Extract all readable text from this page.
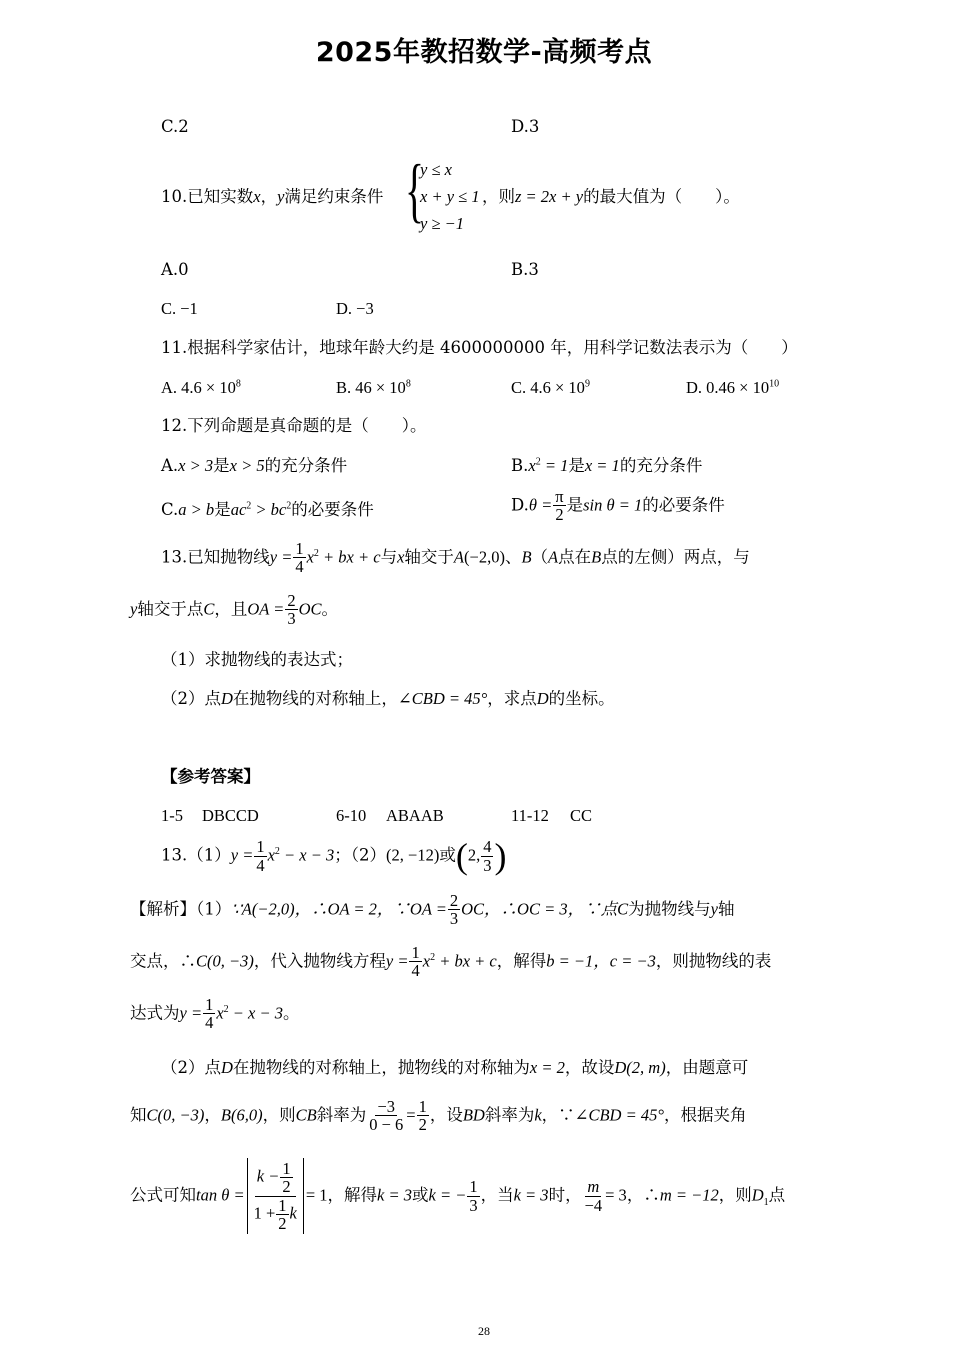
2025年教招数学-高频考点
C.2	D.3
10.已知实数x，y满足约束条件 {
y ≤ x
x + y ≤ 1
y ≥ −1
，则z = 2x + y的最大值为（　　）。
A.0	B.3
C. −1	D. −3
11.根据科学家估计，地球年龄大约是 4600000000 年，用科学记数法表示为（　　）
A. $4.6 \times 10^8$	B. $46 \times 10^8$	C. $4.6 \times 10^9$	D. $0.46 \times 10^{10}$
12.下列命题是真命题的是（　　）。
A.x > 3是x > 5的充分条件	$B.x^2 = 1$是x = 1的充分条件
C.a > b是$ac^2 > bc^2$的必要条件	$D.\theta = \frac{\pi}{2}$ 是sin θ = 1的必要条件
13.已知抛物线$y = \frac{1}{4} x^2$ + bx + c与x轴交于A(−2,0)、B（A点在B点的左侧）两点，与
y轴交于点C，且OA = $\frac{2}{3}$ OC。
（1）求抛物线的表达式；
（2）点D在抛物线的对称轴上，∠CBD = 45°，求点D的坐标。
【参考答案】
1-5 DBCCD	6-10 ABAAB	11-12 CC
$13.(1)y = \frac{1}{4} x^2 - x - 3$；（2）(2, −12)或(2, $\frac{4}{3}$ )
【解析】（1）∵A(−2,0)，∴OA = 2，∵OA = $\frac{2}{3}$ OC，∴OC = 3，∵点C为抛物线与y轴
交点，∴C(0, −3)，代入抛物线方程$y = \frac{1}{4} x^2$ + bx + c，解得b = −1，c = −3，则抛物线的表
达式为$y = \frac{1}{4} x^2 - x - 3$。
（2）点D在抛物线的对称轴上，抛物线的对称轴为x = 2，故设D(2, m)，由题意可
知C(0, −3)，B(6,0)，则CB斜率为 $\frac{-3}{0 - 6} = \frac{1}{2}$ ，设BD斜率为k，∵∠CBD = 45°，根据夹角
公式可知$\tan \theta = \frac{k - \frac{1}{2}}{1 + \frac{1}{2} k} = 1$，解得k = 3或k = − $\frac{1}{3}$ ，当k = 3时， $\frac{m}{-4} = 3$，∴m = −12，则$D_1$点
28
